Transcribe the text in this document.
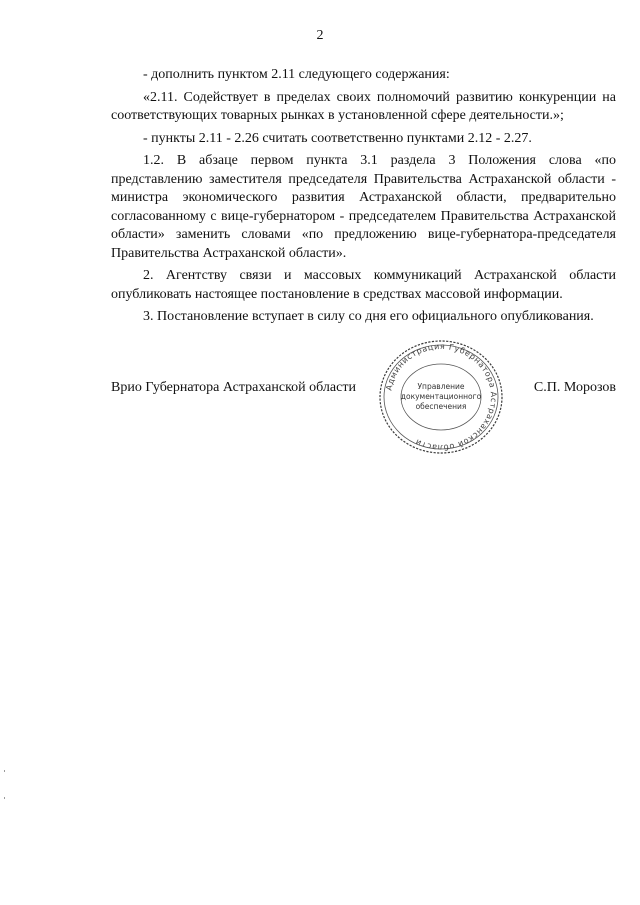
2

- дополнить пунктом 2.11 следующего содержания:

«2.11. Содействует в пределах своих полномочий развитию конкуренции на соответствующих товарных рынках в установленной сфере деятельности.»;

- пункты 2.11 - 2.26 считать соответственно пунктами 2.12 - 2.27.

1.2. В абзаце первом пункта 3.1 раздела 3 Положения слова «по представлению заместителя председателя Правительства Астраханской области - министра экономического развития Астраханской области, предварительно согласованному с вице-губернатором - председателем Правительства Астраханской области» заменить словами «по предложению вице-губернатора-председателя Правительства Астраханской области».

2. Агентству связи и массовых коммуникаций Астраханской области опубликовать настоящее постановление в средствах массовой информации.

3. Постановление вступает в силу со дня его официального опубликования.

Врио Губернатора Астраханской области	С.П. Морозов
Администрация Губернатора Астраханской области
Управление
документационного
обеспечения
